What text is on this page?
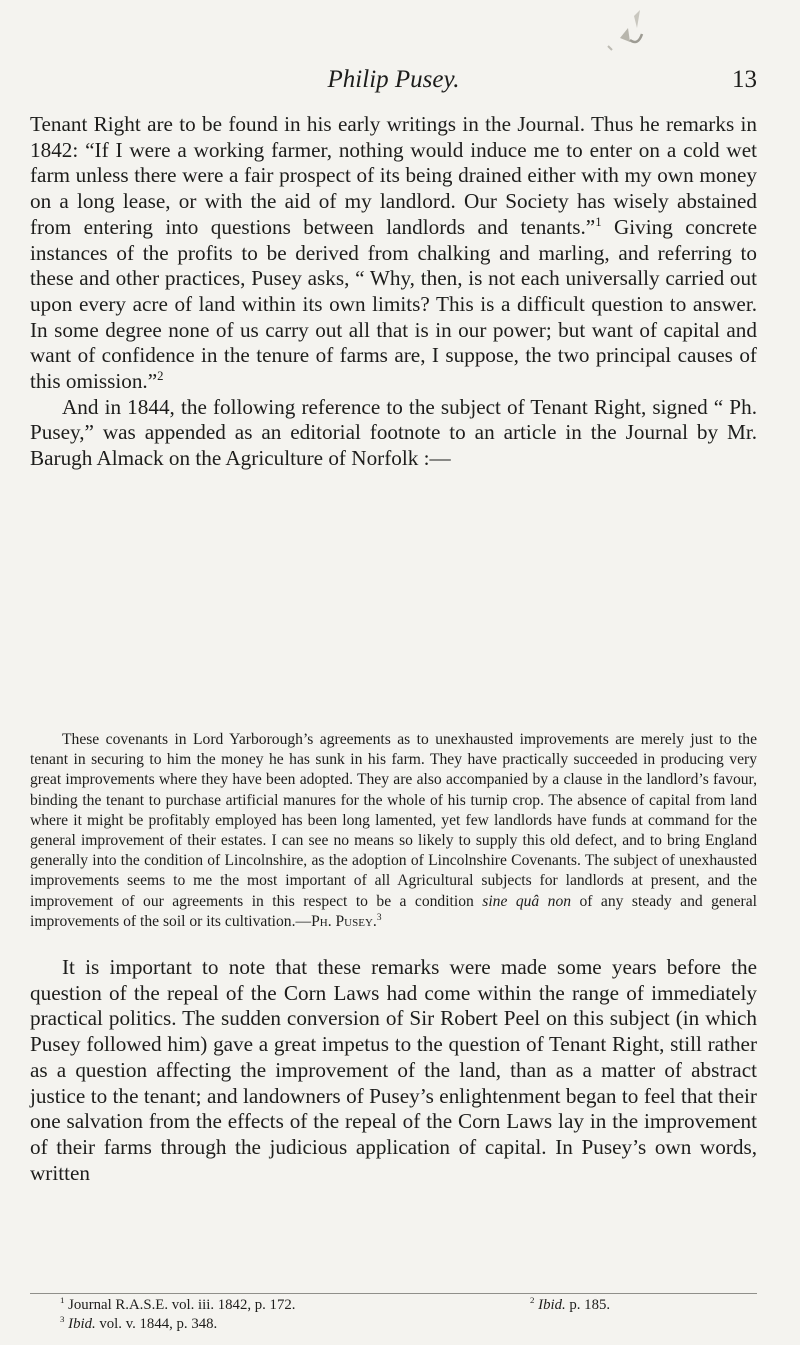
Philip Pusey.	13

Tenant Right are to be found in his early writings in the Journal. Thus he remarks in 1842: “If I were a working farmer, nothing would induce me to enter on a cold wet farm unless there were a fair prospect of its being drained either with my own money on a long lease, or with the aid of my landlord. Our Society has wisely abstained from entering into questions between landlords and tenants.”$^1$ Giving concrete instances of the profits to be derived from chalking and marling, and referring to these and other practices, Pusey asks, “ Why, then, is not each universally carried out upon every acre of land within its own limits? This is a difficult question to answer. In some degree none of us carry out all that is in our power; but want of capital and want of confidence in the tenure of farms are, I suppose, the two principal causes of this omission.”$^2$

And in 1844, the following reference to the subject of Tenant Right, signed “ Ph. Pusey,” was appended as an editorial footnote to an article in the Journal by Mr. Barugh Almack on the Agriculture of Norfolk :—

These covenants in Lord Yarborough’s agreements as to unexhausted improvements are merely just to the tenant in securing to him the money he has sunk in his farm. They have practically succeeded in producing very great improvements where they have been adopted. They are also accompanied by a clause in the landlord’s favour, binding the tenant to purchase artificial manures for the whole of his turnip crop. The absence of capital from land where it might be profitably employed has been long lamented, yet few landlords have funds at command for the general improvement of their estates. I can see no means so likely to supply this old defect, and to bring England generally into the condition of Lincolnshire, as the adoption of Lincolnshire Covenants. The subject of unexhausted improvements seems to me the most important of all Agricultural subjects for landlords at present, and the improvement of our agreements in this respect to be a condition sine quâ non of any steady and general improvements of the soil or its cultivation.—Ph. Pusey.$^3$
It is important to note that these remarks were made some years before the question of the repeal of the Corn Laws had come within the range of immediately practical politics. The sudden conversion of Sir Robert Peel on this subject (in which Pusey followed him) gave a great impetus to the question of Tenant Right, still rather as a question affecting the improvement of the land, than as a matter of abstract justice to the tenant; and landowners of Pusey’s enlightenment began to feel that their one salvation from the effects of the repeal of the Corn Laws lay in the improvement of their farms through the judicious application of capital. In Pusey’s own words, written
$^1$ Journal R.A.S.E. vol. iii. 1842, p. 172.	$^2$ Ibid. p. 185.
$^3$ Ibid. vol. v. 1844, p. 348.
